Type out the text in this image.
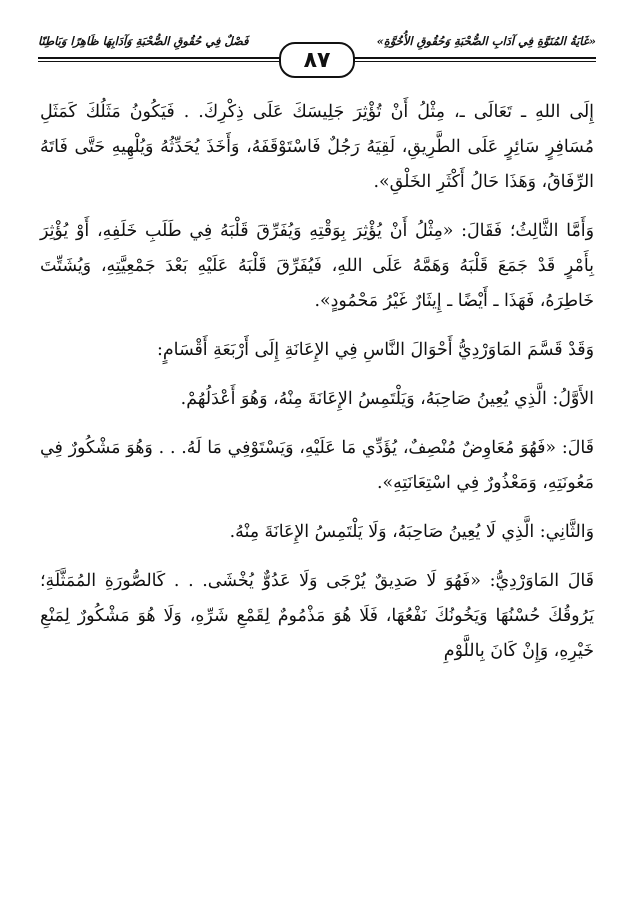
«غَايَةُ المُنَوَّةِ فِي آدَابِ الصُّحْبَةِ وَحُقُوقِ الأُخُوَّةِ»
فَصْلٌ فِي حُقُوقِ الصُّحْبَةِ وَآدَابِهَا ظَاهِرًا وَبَاطِنًا
٨٧

إِلَى اللهِ ـ تَعَالَى ـ، مِثْلُ أَنْ تُؤْثِرَ جَلِيسَكَ عَلَى ذِكْرِكَ. . فَيَكُونُ مَثَلُكَ كَمَثَلِ مُسَافِرٍ سَائِرٍ عَلَى الطَّرِيقِ، لَقِيَهُ رَجُلٌ فَاسْتَوْقَفَهُ، وَأَخَذَ يُحَدِّثُهُ وَيُلْهِيهِ حَتَّى فَاتَهُ الرِّفَاقُ، وَهَذَا حَالُ أَكْثَرِ الخَلْقِ».

وَأَمَّا الثَّالِثُ؛ فَقَالَ: «مِثْلُ أَنْ يُؤْثِرَ بِوَقْتِهِ وَيُفَرِّقَ قَلْبَهُ فِي طَلَبِ خَلَفِهِ، أَوْ يُؤْثِرَ بِأَمْرٍ قَدْ جَمَعَ قَلْبَهُ وَهَمَّهُ عَلَى اللهِ، فَيُفَرِّقَ قَلْبَهُ عَلَيْهِ بَعْدَ جَمْعِيَّتِهِ، وَيُشَتِّتَ خَاطِرَهُ، فَهَذَا ـ أَيْضًا ـ إِيثَارٌ غَيْرُ مَحْمُودٍ».

وَقَدْ قَسَّمَ المَاوَرْدِيُّ أَحْوَالَ النَّاسِ فِي الإِعَانَةِ إِلَى أَرْبَعَةِ أَقْسَامٍ:

الأَوَّلُ: الَّذِي يُعِينُ صَاحِبَهُ، وَيَلْتَمِسُ الإِعَانَةَ مِنْهُ، وَهُوَ أَعْدَلُهُمْ.

قَالَ: «فَهُوَ مُعَاوِضٌ مُنْصِفٌ، يُؤَدِّي مَا عَلَيْهِ، وَيَسْتَوْفِي مَا لَهُ. . . وَهُوَ مَشْكُورٌ فِي مَعُونَتِهِ، وَمَعْذُورٌ فِي اسْتِعَانَتِهِ».

وَالثَّانِي: الَّذِي لَا يُعِينُ صَاحِبَهُ، وَلَا يَلْتَمِسُ الإِعَانَةَ مِنْهُ.

قَالَ المَاوَرْدِيُّ: «فَهُوَ لَا صَدِيقٌ يُرْجَى وَلَا عَدُوٌّ يُخْشَى. . . كَالصُّورَةِ المُمَثَّلَةِ؛ يَرُوقُكَ حُسْنُهَا وَيَخُونُكَ نَفْعُهَا، فَلَا هُوَ مَذْمُومٌ لِقَمْعِ شَرِّهِ، وَلَا هُوَ مَشْكُورٌ لِمَنْعِ خَيْرِهِ، وَإِنْ كَانَ بِاللَّوْمِ
